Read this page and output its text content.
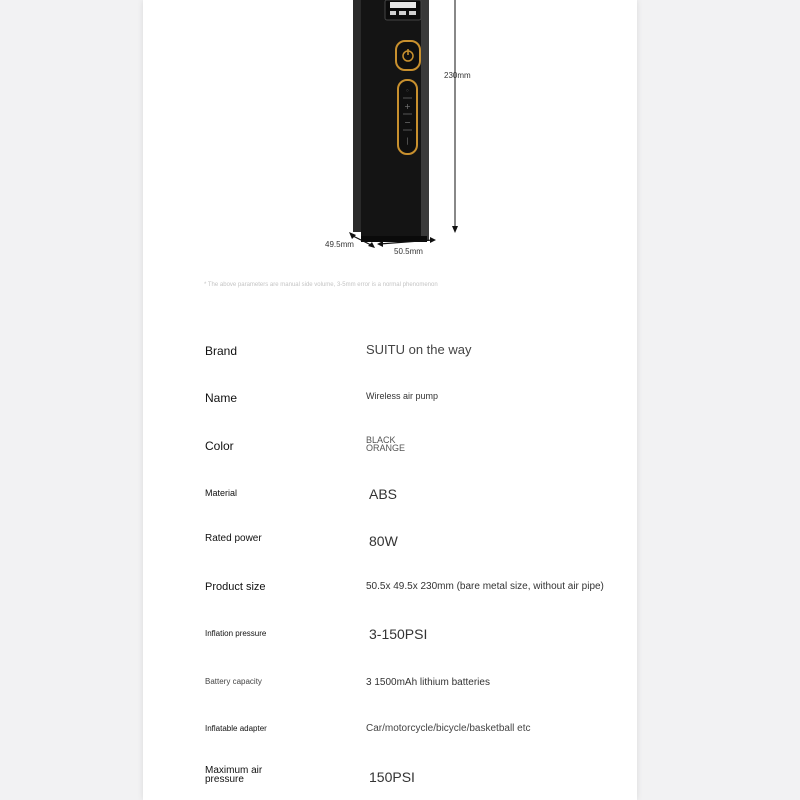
◦
+
−
|
230mm
49.5mm
50.5mm
* The above parameters are manual side volume, 3-5mm error is a normal phenomenon
Brand	SUITU on the way
Name	Wireless air pump
Color	BLACK
ORANGE
Material	ABS
Rated power	80W
Product size	50.5x 49.5x 230mm (bare metal size, without air pipe)
Inflation pressure	3-150PSI
Battery capacity	3 1500mAh lithium batteries
Inflatable adapter	Car/motorcycle/bicycle/basketball etc
Maximum air
pressure	150PSI
